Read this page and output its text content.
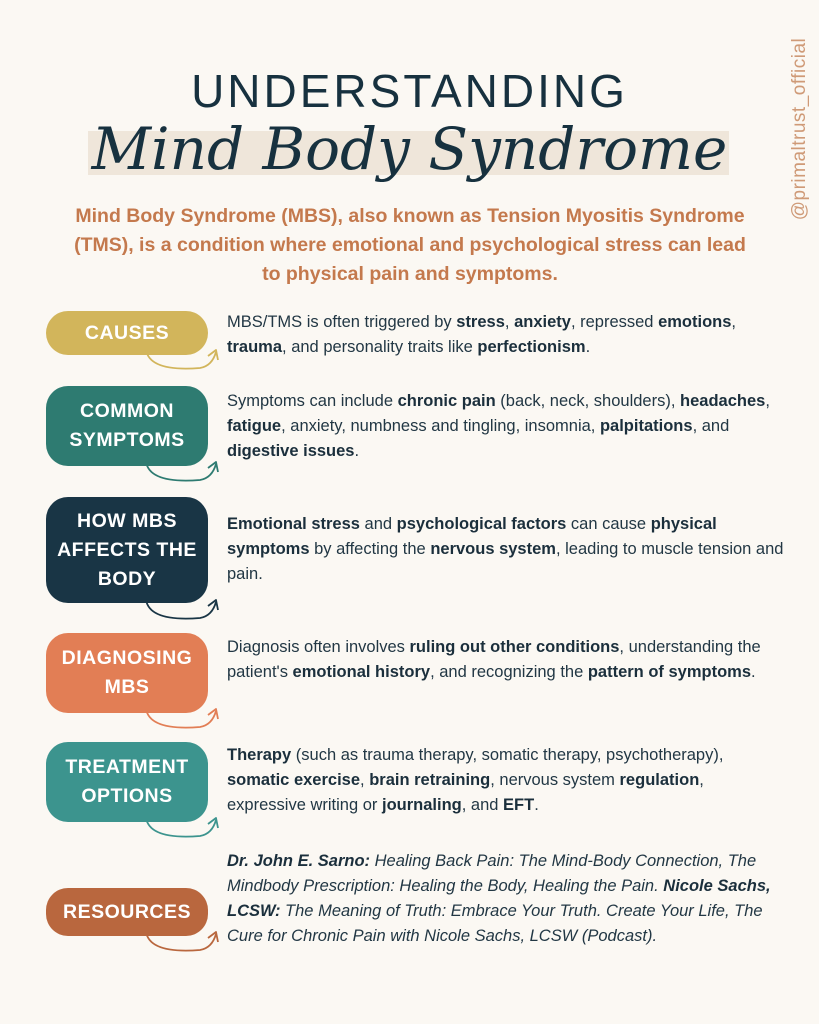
@primaltrust_official
UNDERSTANDING
Mind Body Syndrome
Mind Body Syndrome (MBS), also known as Tension Myositis Syndrome (TMS), is a condition where emotional and psychological stress can lead to physical pain and symptoms.
CAUSES	MBS/TMS is often triggered by stress, anxiety, repressed emotions, trauma, and personality traits like perfectionism.
COMMON SYMPTOMS
Symptoms can include chronic pain (back, neck, shoulders), headaches, fatigue, anxiety, numbness and tingling, insomnia, palpitations, and digestive issues.
HOW MBS AFFECTS THE BODY
Emotional stress and psychological factors can cause physical symptoms by affecting the nervous system, leading to muscle tension and pain.
DIAGNOSING MBS
Diagnosis often involves ruling out other conditions, understanding the patient's emotional history, and recognizing the pattern of symptoms.
TREATMENT OPTIONS
Therapy (such as trauma therapy, somatic therapy, psychotherapy), somatic exercise, brain retraining, nervous system regulation, expressive writing or journaling, and EFT.
RESOURCES
Dr. John E. Sarno: Healing Back Pain: The Mind-Body Connection, The Mindbody Prescription: Healing the Body, Healing the Pain. Nicole Sachs, LCSW: The Meaning of Truth: Embrace Your Truth. Create Your Life, The Cure for Chronic Pain with Nicole Sachs, LCSW (Podcast).
